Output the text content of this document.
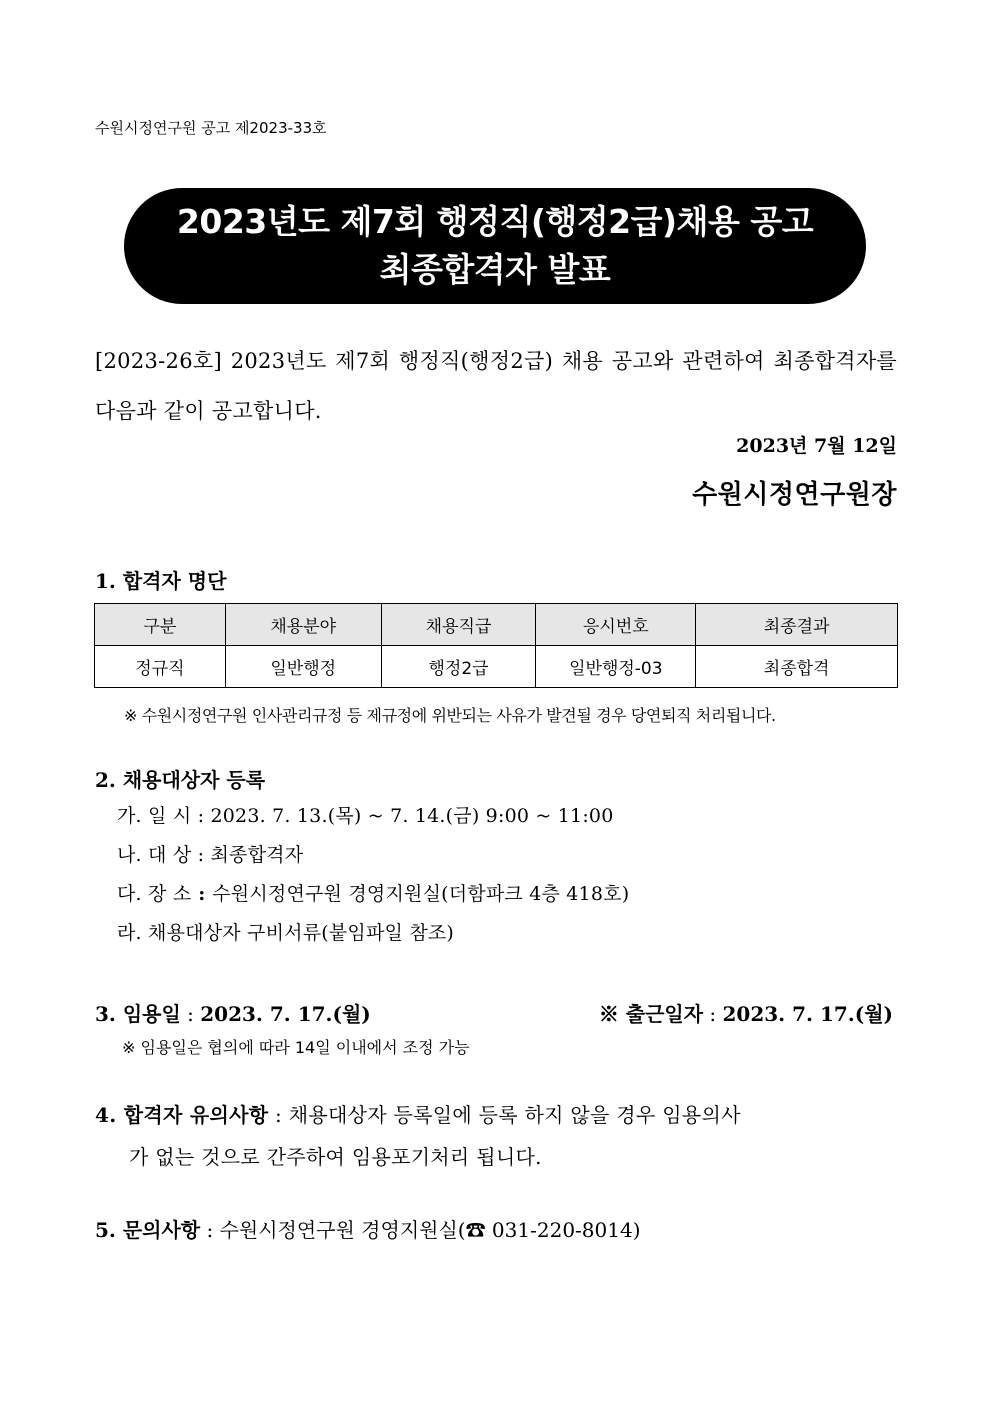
수원시정연구원 공고 제2023-33호
2023년도 제7회 행정직(행정2급)채용 공고
최종합격자 발표
[2023-26호] 2023년도 제7회 행정직(행정2급) 채용 공고와 관련하여 최종합격자를 다음과 같이 공고합니다.
2023년 7월 12일
수원시정연구원장
1. 합격자 명단
구분	채용분야	채용직급	응시번호	최종결과
정규직	일반행정	행정2급	일반행정-03	최종합격
※ 수원시정연구원 인사관리규정 등 제규정에 위반되는 사유가 발견될 경우 당연퇴직 처리됩니다.
2. 채용대상자 등록
가. 일 시 : 2023. 7. 13.(목) ~ 7. 14.(금) 9:00 ~ 11:00
나. 대 상 : 최종합격자
다. 장 소 : 수원시정연구원 경영지원실(더함파크 4층 418호)
라. 채용대상자 구비서류(붙임파일 참조)
3. 임용일 : 2023. 7. 17.(월)	※ 출근일자 : 2023. 7. 17.(월)
※ 임용일은 협의에 따라 14일 이내에서 조정 가능
4. 합격자 유의사항 : 채용대상자 등록일에 등록 하지 않을 경우 임용의사
가 없는 것으로 간주하여 임용포기처리 됩니다.
5. 문의사항 : 수원시정연구원 경영지원실(☎ 031-220-8014)
